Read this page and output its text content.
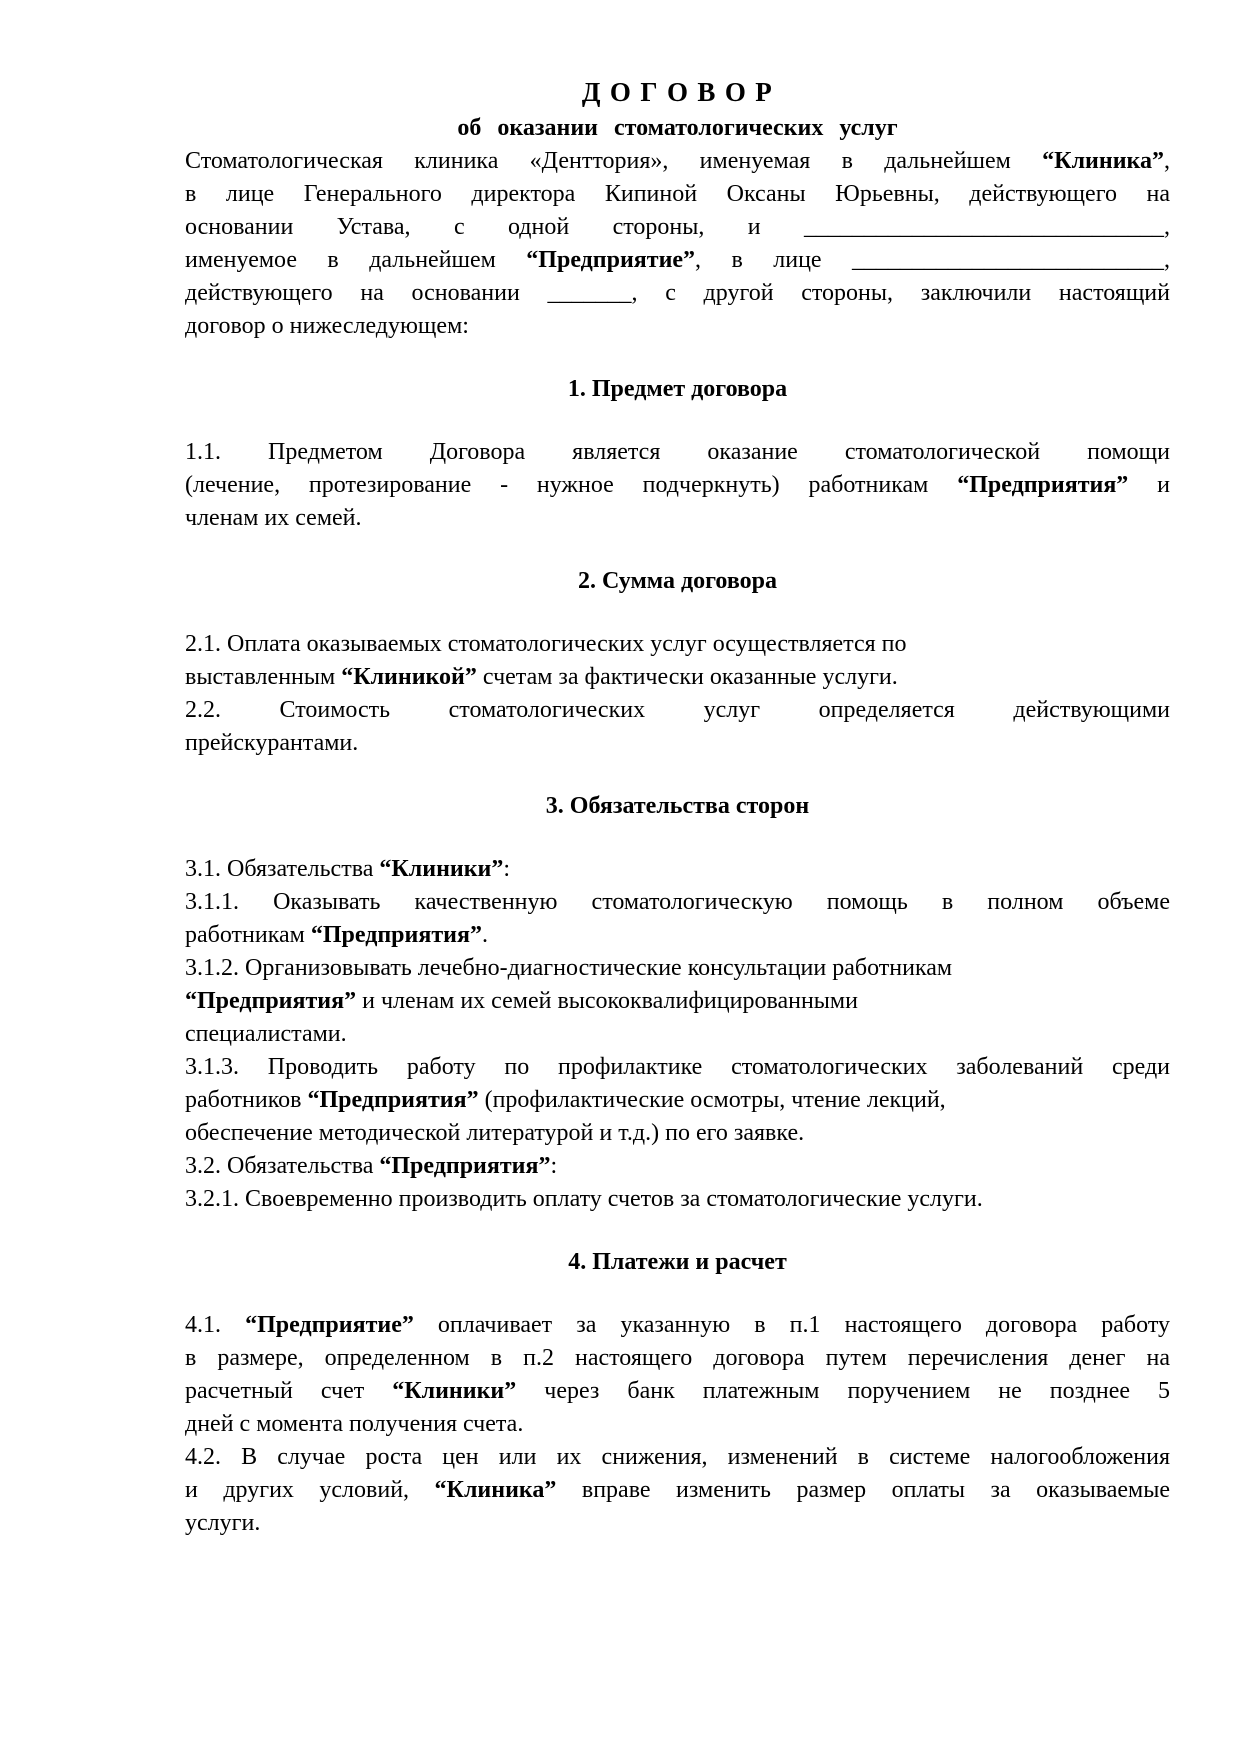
Д О Г О В О Р
об  оказании  стоматологических  услуг
Стоматологическая клиника «Денттория», именуемая в дальнейшем “Клиника”,
в лице Генерального директора Кипиной Оксаны Юрьевны, действующего на
основании Устава, с одной стороны, и ______________________________,
именуемое в дальнейшем “Предприятие”, в лице __________________________,
действующего на основании _______, с другой стороны, заключили настоящий
договор о нижеследующем:
1. Предмет договора
1.1. Предметом Договора является оказание стоматологической помощи
(лечение, протезирование - нужное подчеркнуть) работникам “Предприятия” и
членам их семей.
2. Сумма договора
2.1. Оплата оказываемых стоматологических услуг осуществляется по
выставленным “Клиникой” счетам за фактически оказанные услуги.
2.2. Стоимость стоматологических услуг определяется действующими
прейскурантами.
3. Обязательства сторон
3.1. Обязательства “Клиники”:
3.1.1. Оказывать качественную стоматологическую помощь в полном объеме
работникам “Предприятия”.
3.1.2. Организовывать лечебно-диагностические консультации работникам
“Предприятия” и членам их семей высококвалифицированными
специалистами.
3.1.3. Проводить работу по профилактике стоматологических заболеваний среди
работников “Предприятия” (профилактические осмотры, чтение лекций,
обеспечение методической литературой и т.д.) по его заявке.
3.2. Обязательства “Предприятия”:
3.2.1. Своевременно производить оплату счетов за стоматологические услуги.
4. Платежи и расчет
4.1. “Предприятие” оплачивает за указанную в п.1 настоящего договора работу
в размере, определенном в п.2 настоящего договора путем перечисления денег на
расчетный счет “Клиники” через банк платежным поручением не позднее 5
дней с момента получения счета.
4.2. В случае роста цен или их снижения, изменений в системе налогообложения
и других условий, “Клиника” вправе изменить размер оплаты за оказываемые
услуги.
